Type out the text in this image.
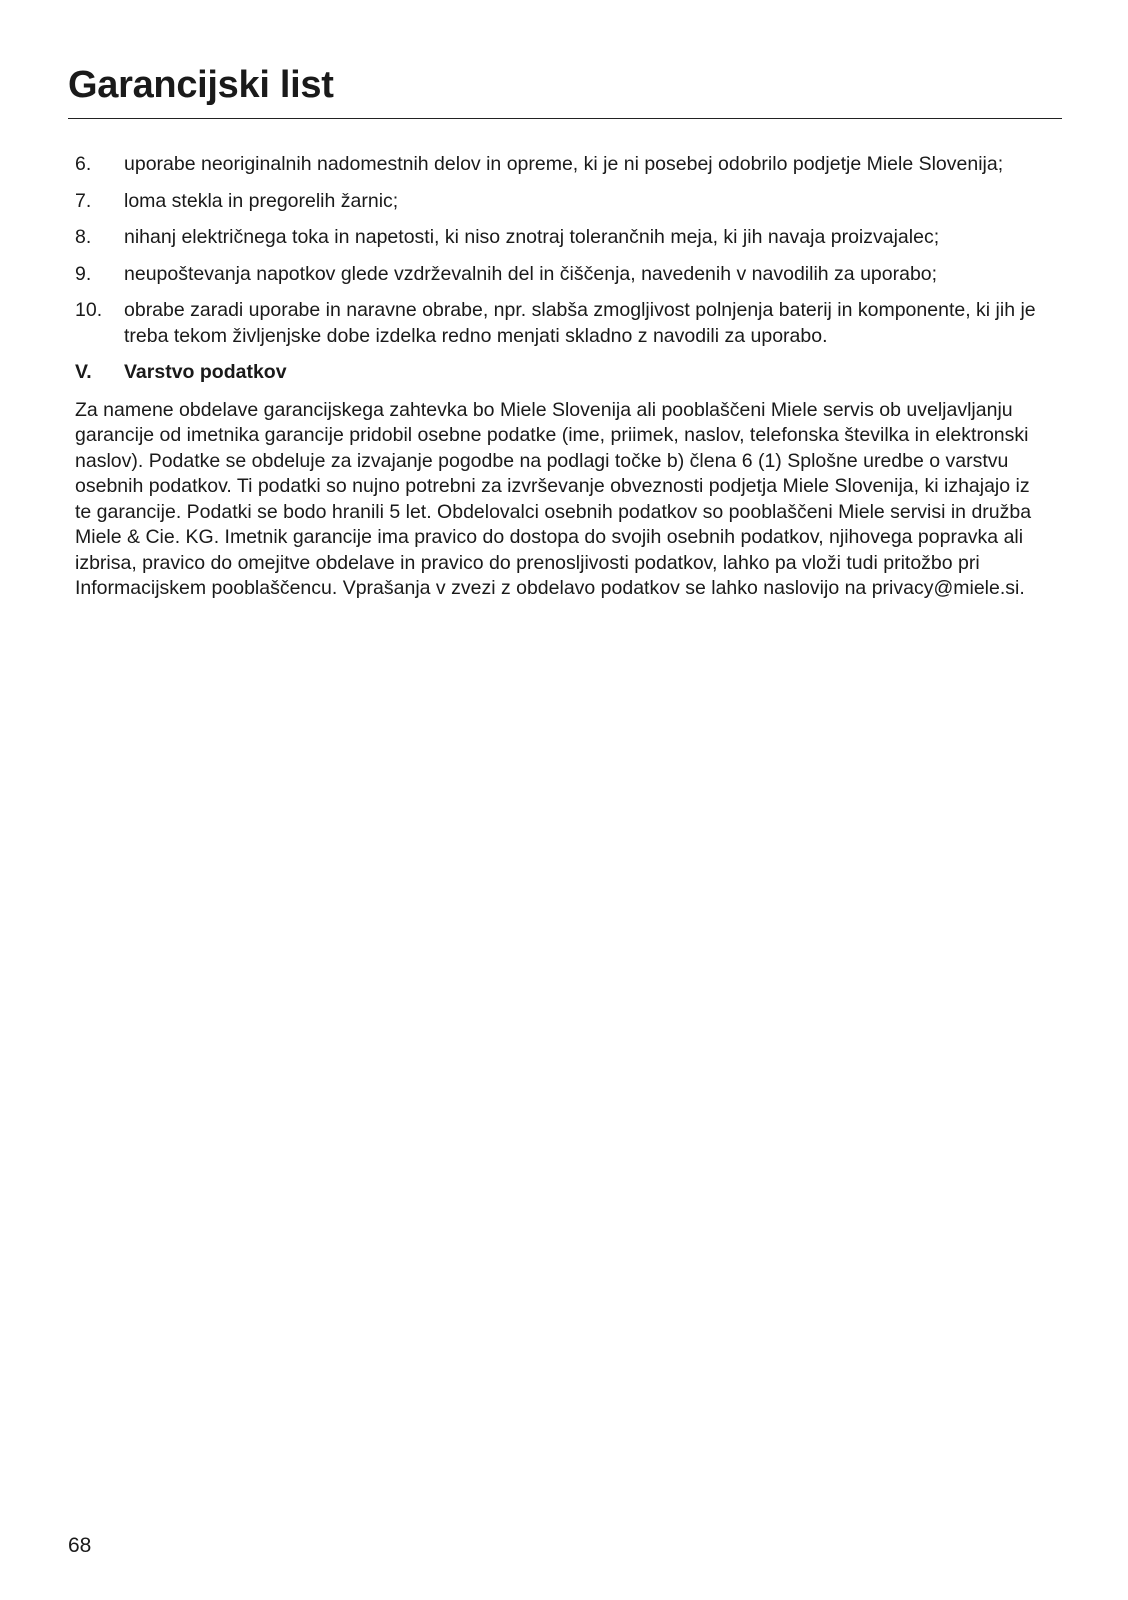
Garancijski list
6.	uporabe neoriginalnih nadomestnih delov in opreme, ki je ni posebej odobrilo podjetje Miele Slovenija;
7.	loma stekla in pregorelih žarnic;
8.	nihanj električnega toka in napetosti, ki niso znotraj tolerančnih meja, ki jih navaja proizvajalec;
9.	neupoštevanja napotkov glede vzdrževalnih del in čiščenja, navedenih v navodilih za uporabo;
10.	obrabe zaradi uporabe in naravne obrabe, npr. slabša zmogljivost polnjenja baterij in komponente, ki jih je treba tekom življenjske dobe izdelka redno menjati skladno z navodili za uporabo.
V.	Varstvo podatkov

Za namene obdelave garancijskega zahtevka bo Miele Slovenija ali pooblaščeni Miele servis ob uveljavljanju garancije od imetnika garancije pridobil osebne podatke (ime, priimek, naslov, telefonska številka in elektronski naslov). Podatke se obdeluje za izvajanje pogodbe na podlagi točke b) člena 6 (1) Splošne uredbe o varstvu osebnih podatkov. Ti podatki so nujno potrebni za izvrševanje obveznosti podjetja Miele Slovenija, ki izhajajo iz te garancije. Podatki se bodo hranili 5 let. Obdelovalci osebnih podatkov so pooblaščeni Miele servisi in družba Miele & Cie. KG. Imetnik garancije ima pravico do dostopa do svojih osebnih podatkov, njihovega popravka ali izbrisa, pravico do omejitve obdelave in pravico do prenosljivosti podatkov, lahko pa vloži tudi pritožbo pri Informacijskem pooblaščencu. Vprašanja v zvezi z obdelavo podatkov se lahko naslovijo na privacy@miele.si.

68
